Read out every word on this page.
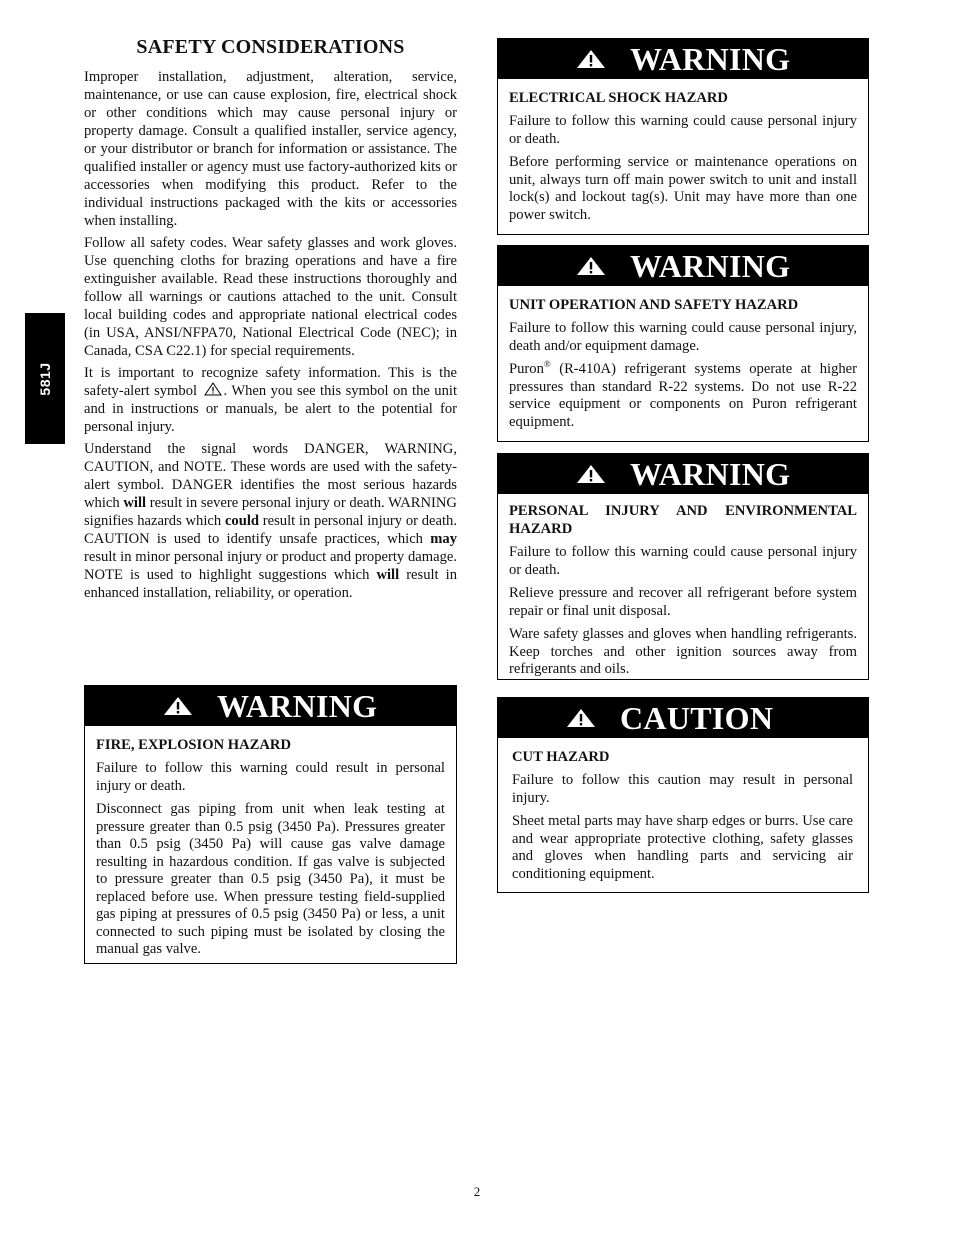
581J
SAFETY CONSIDERATIONS

Improper installation, adjustment, alteration, service, maintenance, or use can cause explosion, fire, electrical shock or other conditions which may cause personal injury or property damage. Consult a qualified installer, service agency, or your distributor or branch for information or assistance. The qualified installer or agency must use factory-authorized kits or accessories when modifying this product. Refer to the individual instructions packaged with the kits or accessories when installing.

Follow all safety codes. Wear safety glasses and work gloves. Use quenching cloths for brazing operations and have a fire extinguisher available. Read these instructions thoroughly and follow all warnings or cautions attached to the unit. Consult local building codes and appropriate national electrical codes (in USA, ANSI/NFPA70, National Electrical Code (NEC); in Canada, CSA C22.1) for special requirements.

It is important to recognize safety information. This is the safety-alert symbol . When you see this symbol on the unit and in instructions or manuals, be alert to the potential for personal injury.

Understand the signal words DANGER, WARNING, CAUTION, and NOTE. These words are used with the safety-alert symbol. DANGER identifies the most serious hazards which will result in severe personal injury or death. WARNING signifies hazards which could result in personal injury or death. CAUTION is used to identify unsafe practices, which may result in minor personal injury or product and property damage. NOTE is used to highlight suggestions which will result in enhanced installation, reliability, or operation.

WARNING
FIRE, EXPLOSION HAZARD

Failure to follow this warning could result in personal injury or death.

Disconnect gas piping from unit when leak testing at pressure greater than 0.5 psig (3450 Pa). Pressures greater than 0.5 psig (3450 Pa) will cause gas valve damage resulting in hazardous condition. If gas valve is subjected to pressure greater than 0.5 psig (3450 Pa), it must be replaced before use. When pressure testing field-supplied gas piping at pressures of 0.5 psig (3450 Pa) or less, a unit connected to such piping must be isolated by closing the manual gas valve.

WARNING
ELECTRICAL SHOCK HAZARD

Failure to follow this warning could cause personal injury or death.

Before performing service or maintenance operations on unit, always turn off main power switch to unit and install lock(s) and lockout tag(s). Unit may have more than one power switch.

WARNING
UNIT OPERATION AND SAFETY HAZARD

Failure to follow this warning could cause personal injury, death and/or equipment damage.

Puron® (R-410A) refrigerant systems operate at higher pressures than standard R-22 systems. Do not use R-22 service equipment or components on Puron refrigerant equipment.

WARNING
PERSONAL INJURY AND ENVIRONMENTAL HAZARD

Failure to follow this warning could cause personal injury or death.

Relieve pressure and recover all refrigerant before system repair or final unit disposal.

Ware safety glasses and gloves when handling refrigerants. Keep torches and other ignition sources away from refrigerants and oils.

CAUTION
CUT HAZARD

Failure to follow this caution may result in personal injury.

Sheet metal parts may have sharp edges or burrs. Use care and wear appropriate protective clothing, safety glasses and gloves when handling parts and servicing air conditioning equipment.

2
